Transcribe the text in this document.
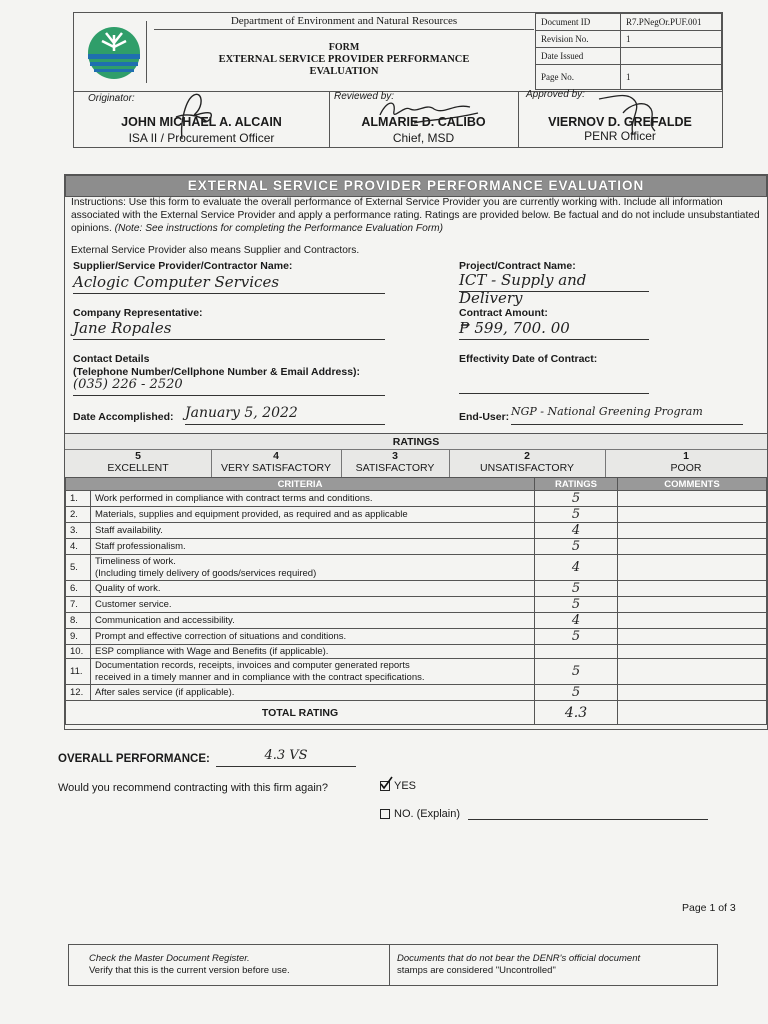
Department of Environment and Natural Resources
FORM
EXTERNAL SERVICE PROVIDER PERFORMANCE
EVALUATION
Document ID	R7.PNegOr.PUF.001
Revision No.	1
Date Issued	
Page No.	1
Originator:
JOHN MICHAEL A. ALCAIN
ISA II / Procurement Officer
Reviewed by:
ALMARIE D. CALIBO
Chief, MSD
Approved by:
VIERNOV D. GREFALDE
PENR Officer
EXTERNAL SERVICE PROVIDER PERFORMANCE EVALUATION
Instructions: Use this form to evaluate the overall performance of External Service Provider you are currently working with. Include all information associated with the External Service Provider and apply a performance rating. Ratings are provided below. Be factual and do not include unsubstantiated opinions. (Note: See instructions for completing the Performance Evaluation Form)
External Service Provider also means Supplier and Contractors.
Supplier/Service Provider/Contractor Name:
Aclogic Computer Services
Project/Contract Name:
ICT - Supply and Delivery
Company Representative:
Jane Ropales
Contract Amount:
₱ 599, 700. 00
Contact Details
(Telephone Number/Cellphone Number & Email Address):
(035) 226 - 2520
Effectivity Date of Contract:
Date Accomplished: January 5, 2022	End-User: NGP - National Greening Program
RATINGS
5
EXCELLENT
4
VERY SATISFACTORY
3
SATISFACTORY
2
UNSATISFACTORY
1
POOR
CRITERIA		RATINGS	COMMENTS
1.	Work performed in compliance with contract terms and conditions.	5	
2.	Materials, supplies and equipment provided, as required and as applicable	5	
3.	Staff availability.	4	
4.	Staff professionalism.	5	
5.	Timeliness of work.
(Including timely delivery of goods/services required)	4	
6.	Quality of work.	5	
7.	Customer service.	5	
8.	Communication and accessibility.	4	
9.	Prompt and effective correction of situations and conditions.	5	
10.	ESP compliance with Wage and Benefits (if applicable).		

11.	Documentation records, receipts, invoices and computer generated reports
received in a timely manner and in compliance with the contract specifications.	5	
12.	After sales service (if applicable).	5	
TOTAL RATING		4.3	
OVERALL PERFORMANCE:	4.3 VS
Would you recommend contracting with this firm again?	YES
NO. (Explain)
Page 1 of 3
Check the Master Document Register.
Verify that this is the current version before use.
Documents that do not bear the DENR's official document
stamps are considered "Uncontrolled"
